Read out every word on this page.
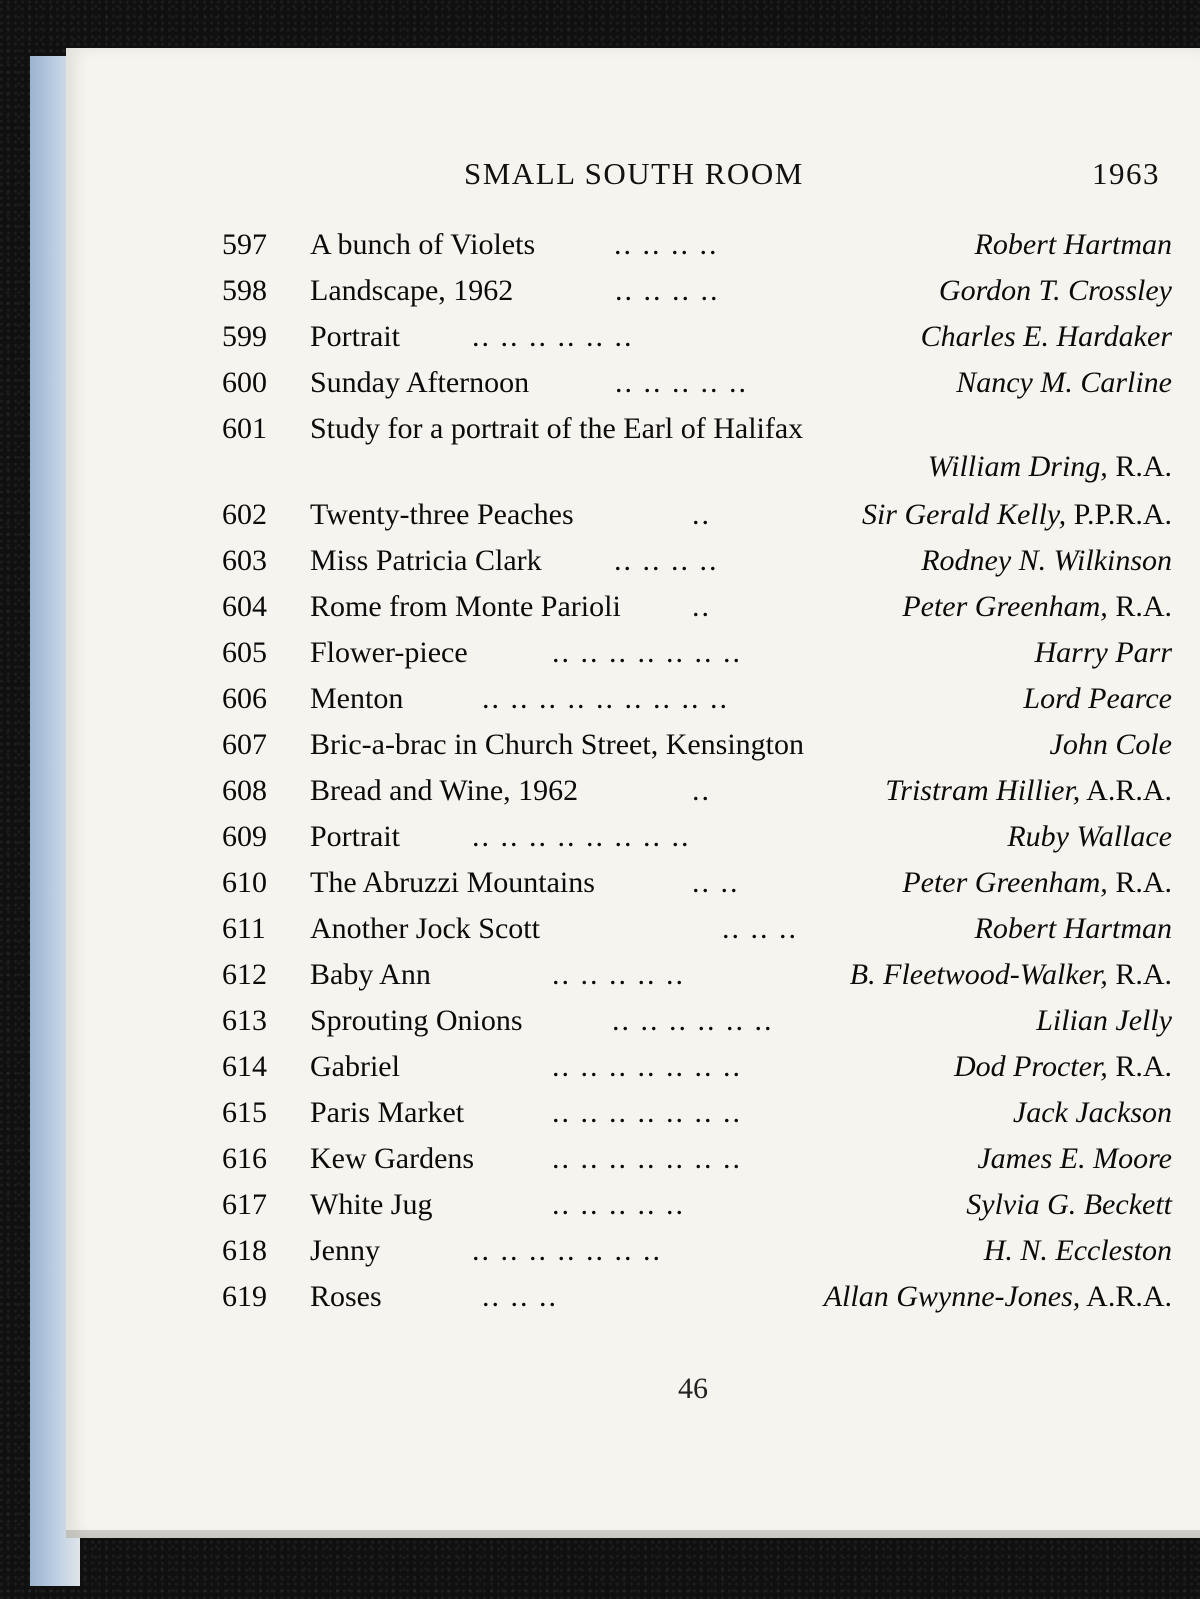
SMALL SOUTH ROOM	1963
597	A bunch of Violets	.. .. .. ..	Robert Hartman
598	Landscape, 1962	.. .. .. ..	Gordon T. Crossley
599	Portrait .. .. .. .. .. ..	Charles E. Hardaker
600	Sunday Afternoon	.. .. .. .. ..	Nancy M. Carline
601	Study for a portrait of the Earl of Halifax
William Dring, R.A.
602	Twenty-three Peaches	..	Sir Gerald Kelly, P.P.R.A.
603	Miss Patricia Clark .. .. .. ..	Rodney N. Wilkinson
604	Rome from Monte Parioli ..	Peter Greenham, R.A.
605	Flower-piece	.. .. .. .. .. .. ..	Harry Parr
606	Menton	.. .. .. .. .. .. .. .. ..	Lord Pearce
607	Bric-a-brac in Church Street, Kensington	John Cole
608	Bread and Wine, 1962	..	Tristram Hillier, A.R.A.
609	Portrait .. .. .. .. .. .. .. ..	Ruby Wallace
610	The Abruzzi Mountains	.. ..	Peter Greenham, R.A.
611	Another Jock Scott	.. .. ..	Robert Hartman
612	Baby Ann	.. .. .. .. ..	B. Fleetwood-Walker, R.A.
613	Sprouting Onions	.. .. .. .. .. ..	Lilian Jelly
614	Gabriel	.. .. .. .. .. .. ..	Dod Procter, R.A.
615	Paris Market	.. .. .. .. .. .. ..	Jack Jackson
616	Kew Gardens	.. .. .. .. .. .. ..	James E. Moore
617	White Jug	.. .. .. .. ..	Sylvia G. Beckett
618	Jenny	.. .. .. .. .. .. ..	H. N. Eccleston
619	Roses	.. .. ..	Allan Gwynne-Jones, A.R.A.
46
